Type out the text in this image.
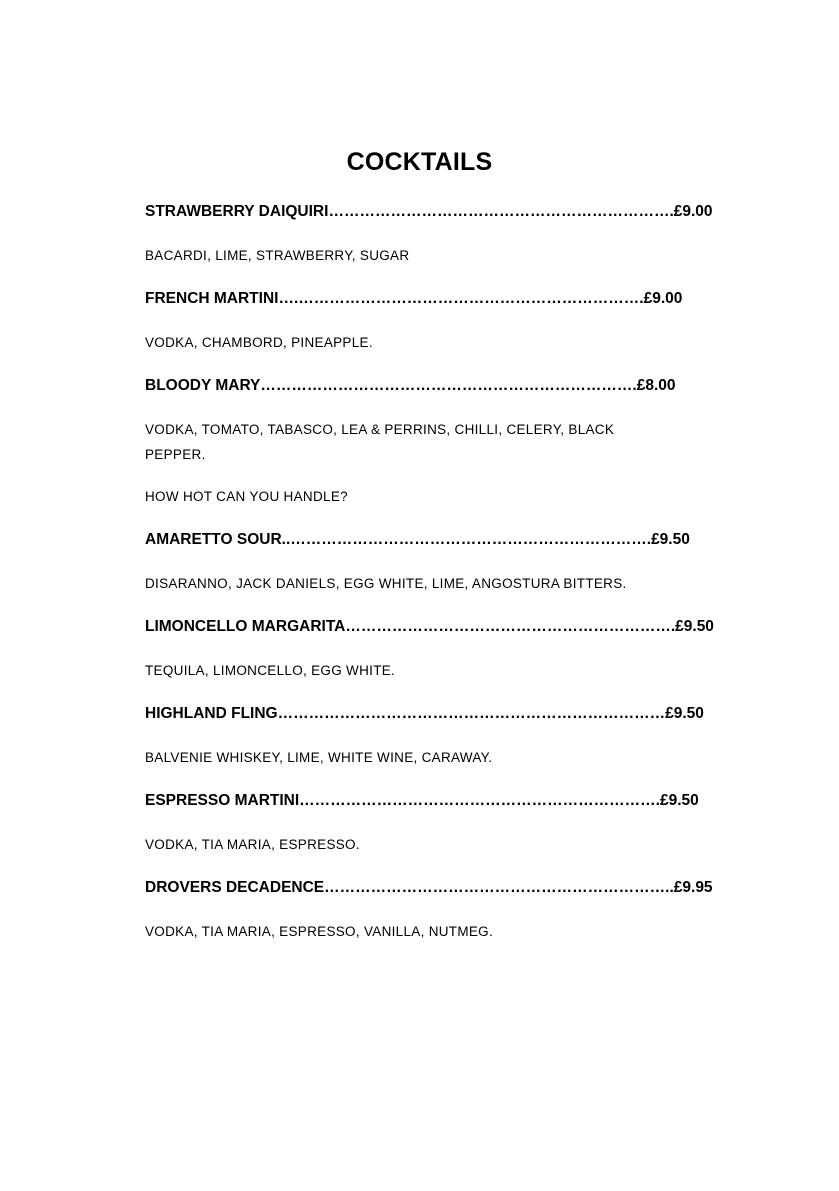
COCKTAILS
STRAWBERRY DAIQUIRI………………………………………………………….£9.00
BACARDI, LIME, STRAWBERRY, SUGAR
FRENCH MARTINI….………………………………………………………….£9.00
VODKA, CHAMBORD, PINEAPPLE.
BLOODY MARY……………………………………………………………….£8.00
VODKA, TOMATO, TABASCO, LEA & PERRINS, CHILLI, CELERY, BLACK PEPPER.
HOW HOT CAN YOU HANDLE?
AMARETTO SOUR..…………………………………………………………….£9.50
DISARANNO, JACK DANIELS, EGG WHITE, LIME, ANGOSTURA BITTERS.
LIMONCELLO MARGARITA……………………………………………………….£9.50
TEQUILA, LIMONCELLO, EGG WHITE.
HIGHLAND FLING…………………………………………………………………£9.50
BALVENIE WHISKEY, LIME, WHITE WINE, CARAWAY.
ESPRESSO MARTINI…………………………………………………………….£9.50
VODKA, TIA MARIA, ESPRESSO.
DROVERS DECADENCE…………………………………………………………..£9.95
VODKA, TIA MARIA, ESPRESSO, VANILLA, NUTMEG.
